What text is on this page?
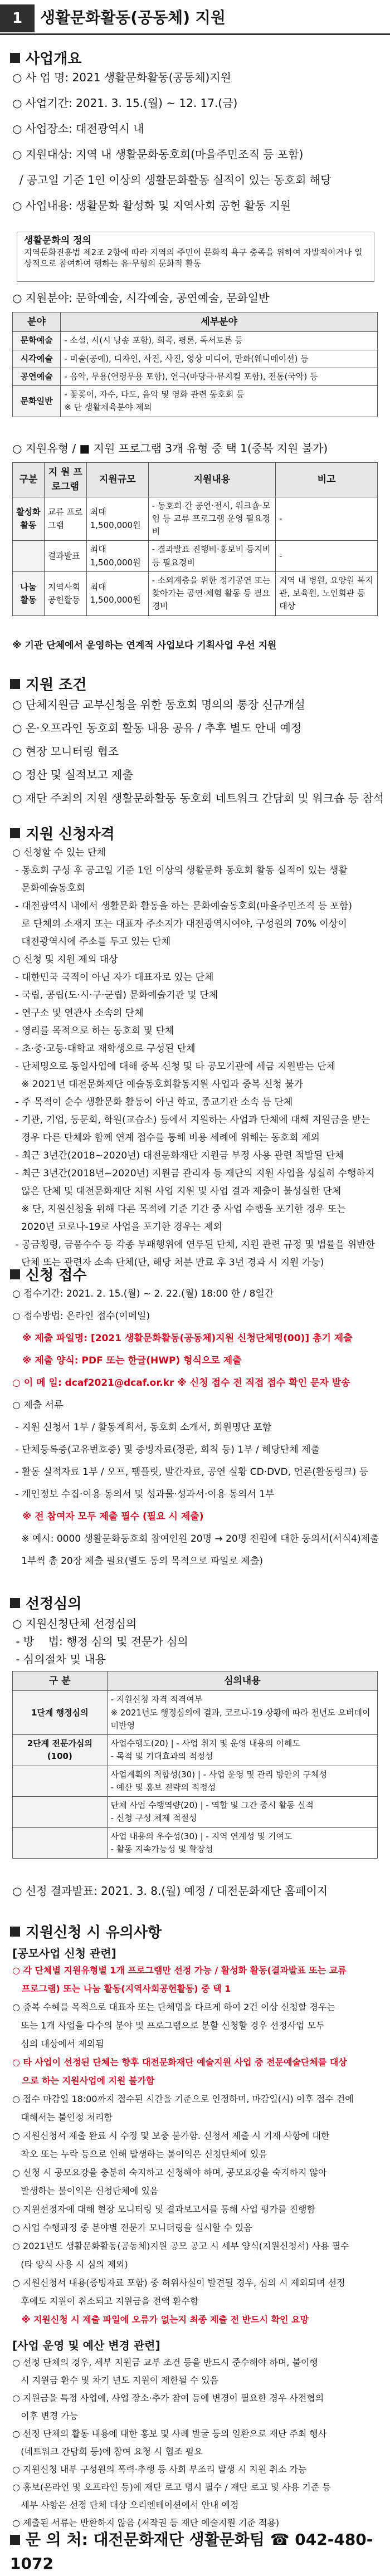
1	생활문화활동(공동체) 지원
사업개요
○ 사 업 명: 2021 생활문화활동(공동체)지원
○ 사업기간: 2021. 3. 15.(월) ~ 12. 17.(금)
○ 사업장소: 대전광역시 내
○ 지원대상: 지역 내 생활문화동호회(마을주민조직 등 포함)
/ 공고일 기준 1인 이상의 생활문화활동 실적이 있는 동호회 해당
○ 사업내용: 생활문화 활성화 및 지역사회 공헌 활동 지원
생활문화의 정의
지역문화진흥법 제2조 2항에 따라 지역의 주민이 문화적 욕구 충족을 위하여 자발적이거나 일상적으로 참여하여 행하는 유·무형의 문화적 활동
○ 지원분야: 문학예술, 시각예술, 공연예술, 문화일반
분야	세부분야
문학예술	- 소설, 시(시 낭송 포함), 희곡, 평론, 독서토론 등
시각예술	- 미술(공예), 디자인, 사진, 사진, 영상 미디어, 만화(웨니메이션) 등
공연예술	- 음악, 무용(연령무용 포함), 연극(마당극·뮤지컬 포함), 전통(국악) 등
문화일반	- 꽃꽂이, 자수, 다도, 음악 및 영화 관련 동호회 등
※ 단 생활체육분야 제외
○ 지원유형 / ■ 지원 프로그램 3개 유형 중 택 1(중복 지원 불가)
구분	지 원 프로그램	지원규모	지원내용	비고
활성화 활동	교류 프로그램	최대 1,500,000원	- 동호회 간 공연·전시, 워크숍·모임 등 교류 프로그램 운영 필요경비	-
	결과발표	최대 1,500,000원	- 결과발표 진행비·홍보비 등지비 등 필요경비	-
나눔 활동	지역사회 공헌활동	최대 1,500,000원	- 소외계층을 위한 정기공연 또는 찾아가는 공연·체험 활동 등 필요경비	지역 내 병원, 요양원 복지관, 보육원, 노인회관 등 대상
※ 기관 단체에서 운영하는 연계적 사업보다 기획사업 우선 지원
지원 조건
○ 단체지원금 교부신청을 위한 동호회 명의의 통장 신규개설
○ 온·오프라인 동호회 활동 내용 공유 / 추후 별도 안내 예정
○ 현장 모니터링 협조
○ 정산 및 실적보고 제출
○ 재단 주최의 지원 생활문화활동 동호회 네트워크 간담회 및 워크숍 등 참석
지원 신청자격
○ 신청할 수 있는 단체
- 동호회 구성 후 공고일 기준 1인 이상의 생활문화 동호회 활동 실적이 있는 생활
문화예술동호회
- 대전광역시 내에서 생활문화 활동을 하는 문화예술동호회(마을주민조직 등 포함)
로 단체의 소재지 또는 대표자 주소지가 대전광역시여야, 구성원의 70% 이상이
대전광역시에 주소를 두고 있는 단체
○ 신청 및 지원 제외 대상
- 대한민국 국적이 아닌 자가 대표자로 있는 단체
- 국립, 공립(도·시·구·군립) 문화예술기관 및 단체
- 연구소 및 연관사 소속의 단체
- 영리를 목적으로 하는 동호회 및 단체
- 초·중·고등·대학교 재학생으로 구성된 단체
- 단체명으로 동일사업에 대해 중복 신청 및 타 공모기관에 세금 지원받는 단체
※ 2021년 대전문화재단 예술동호회활동지원 사업과 중복 신청 불가
- 주 목적이 순수 생활문화 활동이 아닌 학교, 종교기관 소속 등 단체
- 기관, 기업, 동문회, 학원(교습소) 등에서 지원하는 사업과 단체에 대해 지원금을 받는
경우 다른 단체와 함께 연계 접수를 통해 비용 세례에 위해는 동호회 제외
- 최근 3년간(2018~2020년) 대전문화재단 지원금 부정 사용 관련 적발된 단체
- 최근 3년간(2018년~2020년) 지원금 관리자 등 재단의 지원 사업을 성실히 수행하지
않은 단체 및 대전문화재단 지원 사업 지원 및 사업 결과 제출이 불성실한 단체
※ 단, 지원신청을 위해 다른 목적에 기준 기간 중 사업 수행을 포기한 경우 또는
2020년 코로나-19로 사업을 포기한 경우는 제외
- 공금횡령, 금품수수 등 각종 부패행위에 연루된 단체, 지원 관련 규정 및 법률을 위반한
단체 또는 관련자 소속 단체(단, 해당 처분 만료 후 3년 경과 시 지원 가능)
신청 접수
○ 접수기간: 2021. 2. 15.(월) ~ 2. 22.(월) 18:00 한 / 8일간
○ 접수방법: 온라인 접수(이메일)
※ 제출 파일명: [2021 생활문화활동(공동체)지원 신청단체명(00)] 총기 제출
※ 제출 양식: PDF 또는 한글(HWP) 형식으로 제출
○ 이 메 일: dcaf2021@dcaf.or.kr ※ 신청 접수 전 직접 접수 확인 문자 발송
○ 제출 서류
- 지원 신청서 1부 / 활동계획서, 동호회 소개서, 회원명단 포함
- 단체등록증(고유번호증) 및 증빙자료(정관, 회칙 등) 1부 / 해당단체 제출
- 활동 실적자료 1부 / 오프, 팸플릿, 발간자료, 공연 실황 CD·DVD, 언론(활동링크) 등
- 개인정보 수집·이용 동의서 및 성과물·성과서·이용 동의서 1부
※ 전 참여자 모두 제출 필수 (필요 시 제출)
※ 예시: 0000 생활문화동호회 참여인원 20명 → 20명 전원에 대한 동의서(서식4)제출
1부씩 총 20장 제출 필요(별도 동의 목적으로 파일로 제출)
선정심의
○ 지원신청단체 선정심의
- 방    법: 행정 심의 및 전문가 심의
- 심의절차 및 내용
구 분	심의내용
1단계 행정심의	- 지원신청 자격 적격여부
※ 2021년도 행정심의에 결과, 코로나-19 상황에 따라 전년도 오버데이 미반영
2단계 전문가심의 (100)	사업수행도(20) | - 사업 취지 및 운영 내용의 이해도
- 목적 및 기대효과의 적정성
	사업계획의 적합성(30) | - 사업 운영 및 관리 방안의 구체성
- 예산 및 홍보 전략의 적정성
	단체 사업 수행역량(20) | - 역할 및 그간 중시 활동 실적
- 신청 구성 체제 적절성
	사업 내용의 우수성(30) | - 지역 연계성 및 기여도
- 활동 지속가능성 및 확장성
○ 선정 결과발표: 2021. 3. 8.(월) 예정 / 대전문화재단 홈페이지
지원신청 시 유의사항
[공모사업 신청 관련]
○ 각 단체별 지원유형별 1개 프로그램만 선정 가능 / 활성화 활동(결과발표 또는 교류
프로그램) 또는 나눔 활동(지역사회공헌활동) 중 택 1
○ 중복 수혜를 목적으로 대표자 또는 단체명을 다르게 하여 2건 이상 신청할 경우는
또는 1개 사업을 다수의 분야 및 프로그램으로 분할 신청할 경우 선정사업 모두
심의 대상에서 제외됨
○ 타 사업이 선정된 단체는 향후 대전문화재단 예술지원 사업 중 전문예술단체를 대상
으로 하는 지원사업에 지원 불가함
○ 접수 마감일 18:00까지 접수된 시간을 기준으로 인정하며, 마감일(시) 이후 접수 건에
대해서는 불인정 처리함
○ 지원신청서 제출 완료 시 수정 및 보충 불가함. 신청서 제출 시 기재 사항에 대한
착오 또는 누락 등으로 인해 발생하는 불이익은 신청단체에 있음
○ 신청 시 공모요강을 충분히 숙지하고 신청해야 하며, 공모요강을 숙지하지 않아
발생하는 불이익은 신청단체에 있음
○ 지원선정자에 대해 현장 모니터링 및 결과보고서를 통해 사업 평가를 진행함
○ 사업 수행과정 중 분야별 전문가 모니터링을 실시할 수 있음
○ 2021년도 생활문화활동(공동체)지원 공모 공고 시 세부 양식(지원신청서) 사용 필수
(타 양식 사용 시 심의 제외)
○ 지원신청서 내용(증빙자료 포함) 중 허위사실이 발견될 경우, 심의 시 제외되며 선정
후에도 지원이 취소되고 지원금을 전액 환수함
※ 지원신청 시 제출 파일에 오류가 없는지 최종 제출 전 반드시 확인 요망
[사업 운영 및 예산 변경 관련]
○ 선정 단체의 경우, 세부 지원금 교부 조건 등을 반드시 준수해야 하며, 불이행
시 지원금 환수 및 차기 년도 지원이 제한될 수 있음
○ 지원금을 특정 사업에, 사업 장소·추가 참여 등에 변경이 필요한 경우 사전협의
이후 변경 가능
○ 선정 단체의 활동 내용에 대한 홍보 및 사례 발굴 등의 일환으로 재단 주최 행사
(네트워크 간담회 등)에 참여 요청 시 협조 필요
○ 지원신청 내부 구성원의 폭력·추행 등 사회 부조리 발생 시 지원 취소 가능
○ 홍보(온라인 및 오프라인 등)에 재단 로고 명시 필수 / 재단 로고 및 사용 기준 등
세부 사항은 선정 단체 대상 오리엔테이션에서 안내 예정
○ 제출된 서류는 반환하지 않음 (저작권 등 재단 예술지원 기준 적용)
문 의 처: 대전문화재단 생활문화팀 ☎ 042-480-1072
